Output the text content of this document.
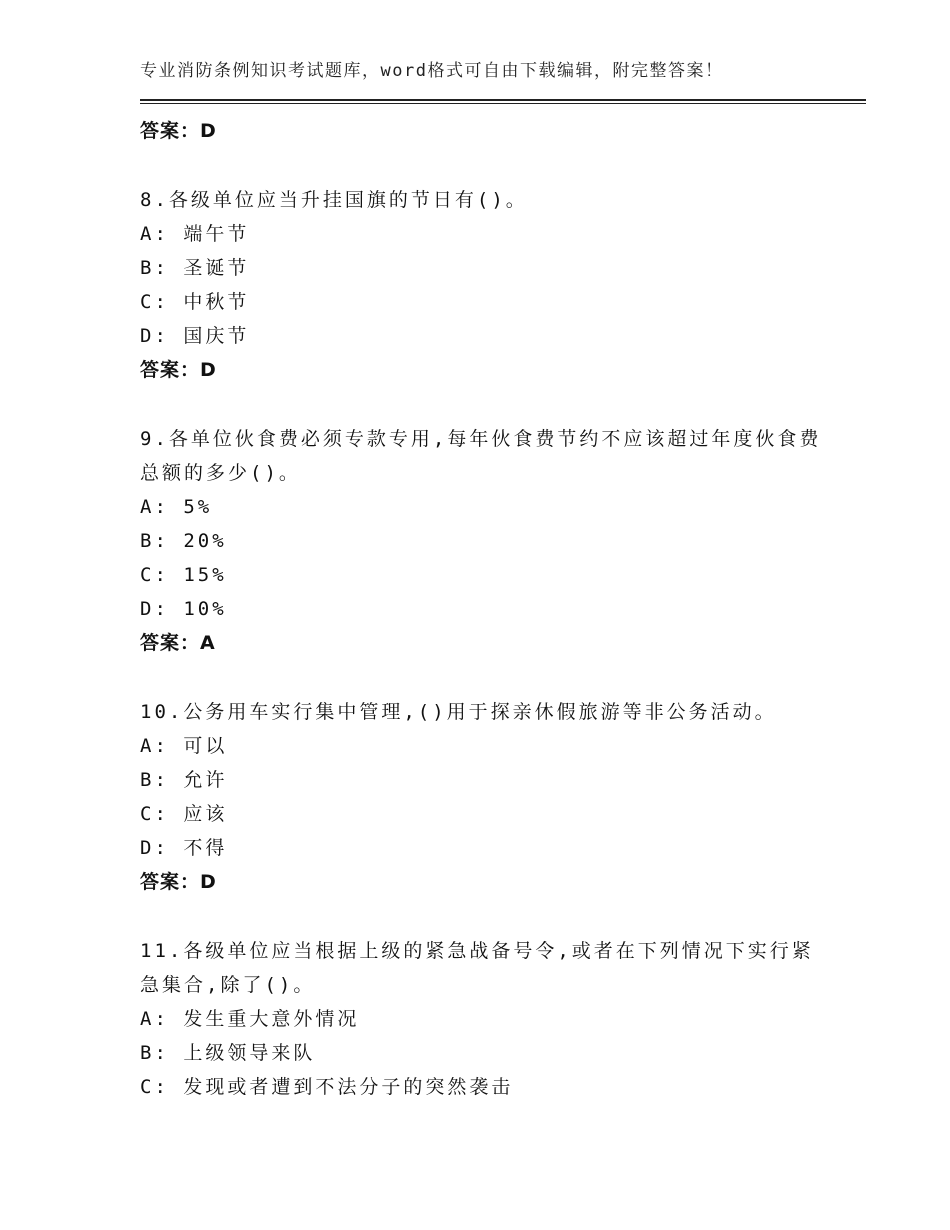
专业消防条例知识考试题库，word格式可自由下载编辑，附完整答案！
答案：D
8.各级单位应当升挂国旗的节日有()。
A: 端午节
B: 圣诞节
C: 中秋节
D: 国庆节
答案：D
9.各单位伙食费必须专款专用,每年伙食费节约不应该超过年度伙食费
总额的多少()。
A: 5%
B: 20%
C: 15%
D: 10%
答案：A
10.公务用车实行集中管理,()用于探亲休假旅游等非公务活动。
A: 可以
B: 允许
C: 应该
D: 不得
答案：D
11.各级单位应当根据上级的紧急战备号令,或者在下列情况下实行紧
急集合,除了()。
A: 发生重大意外情况
B: 上级领导来队
C: 发现或者遭到不法分子的突然袭击
